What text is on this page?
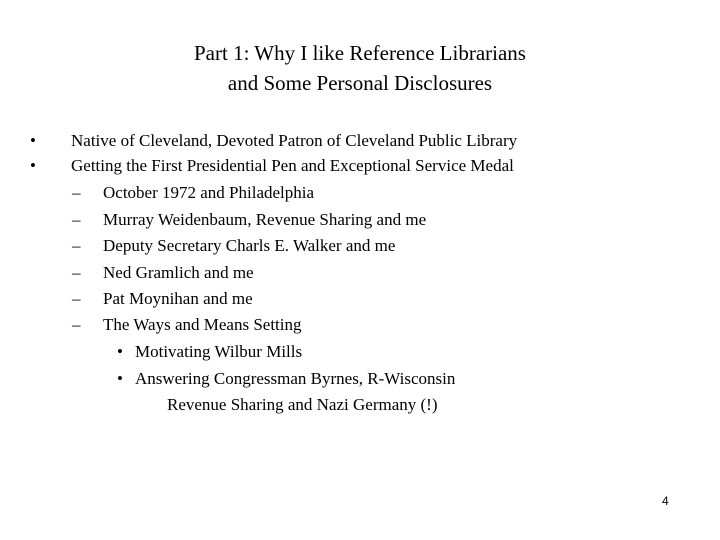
Part 1: Why I like Reference Librarians
and Some Personal Disclosures
• Native of Cleveland, Devoted Patron of Cleveland Public Library
• Getting the First Presidential Pen and Exceptional Service Medal
– October 1972 and Philadelphia
– Murray Weidenbaum, Revenue Sharing and me
– Deputy Secretary Charls E. Walker and me
– Ned Gramlich and me
– Pat Moynihan and me
– The Ways and Means Setting
• Motivating Wilbur Mills
• Answering Congressman Byrnes, R-Wisconsin
Revenue Sharing and Nazi Germany (!)
4
